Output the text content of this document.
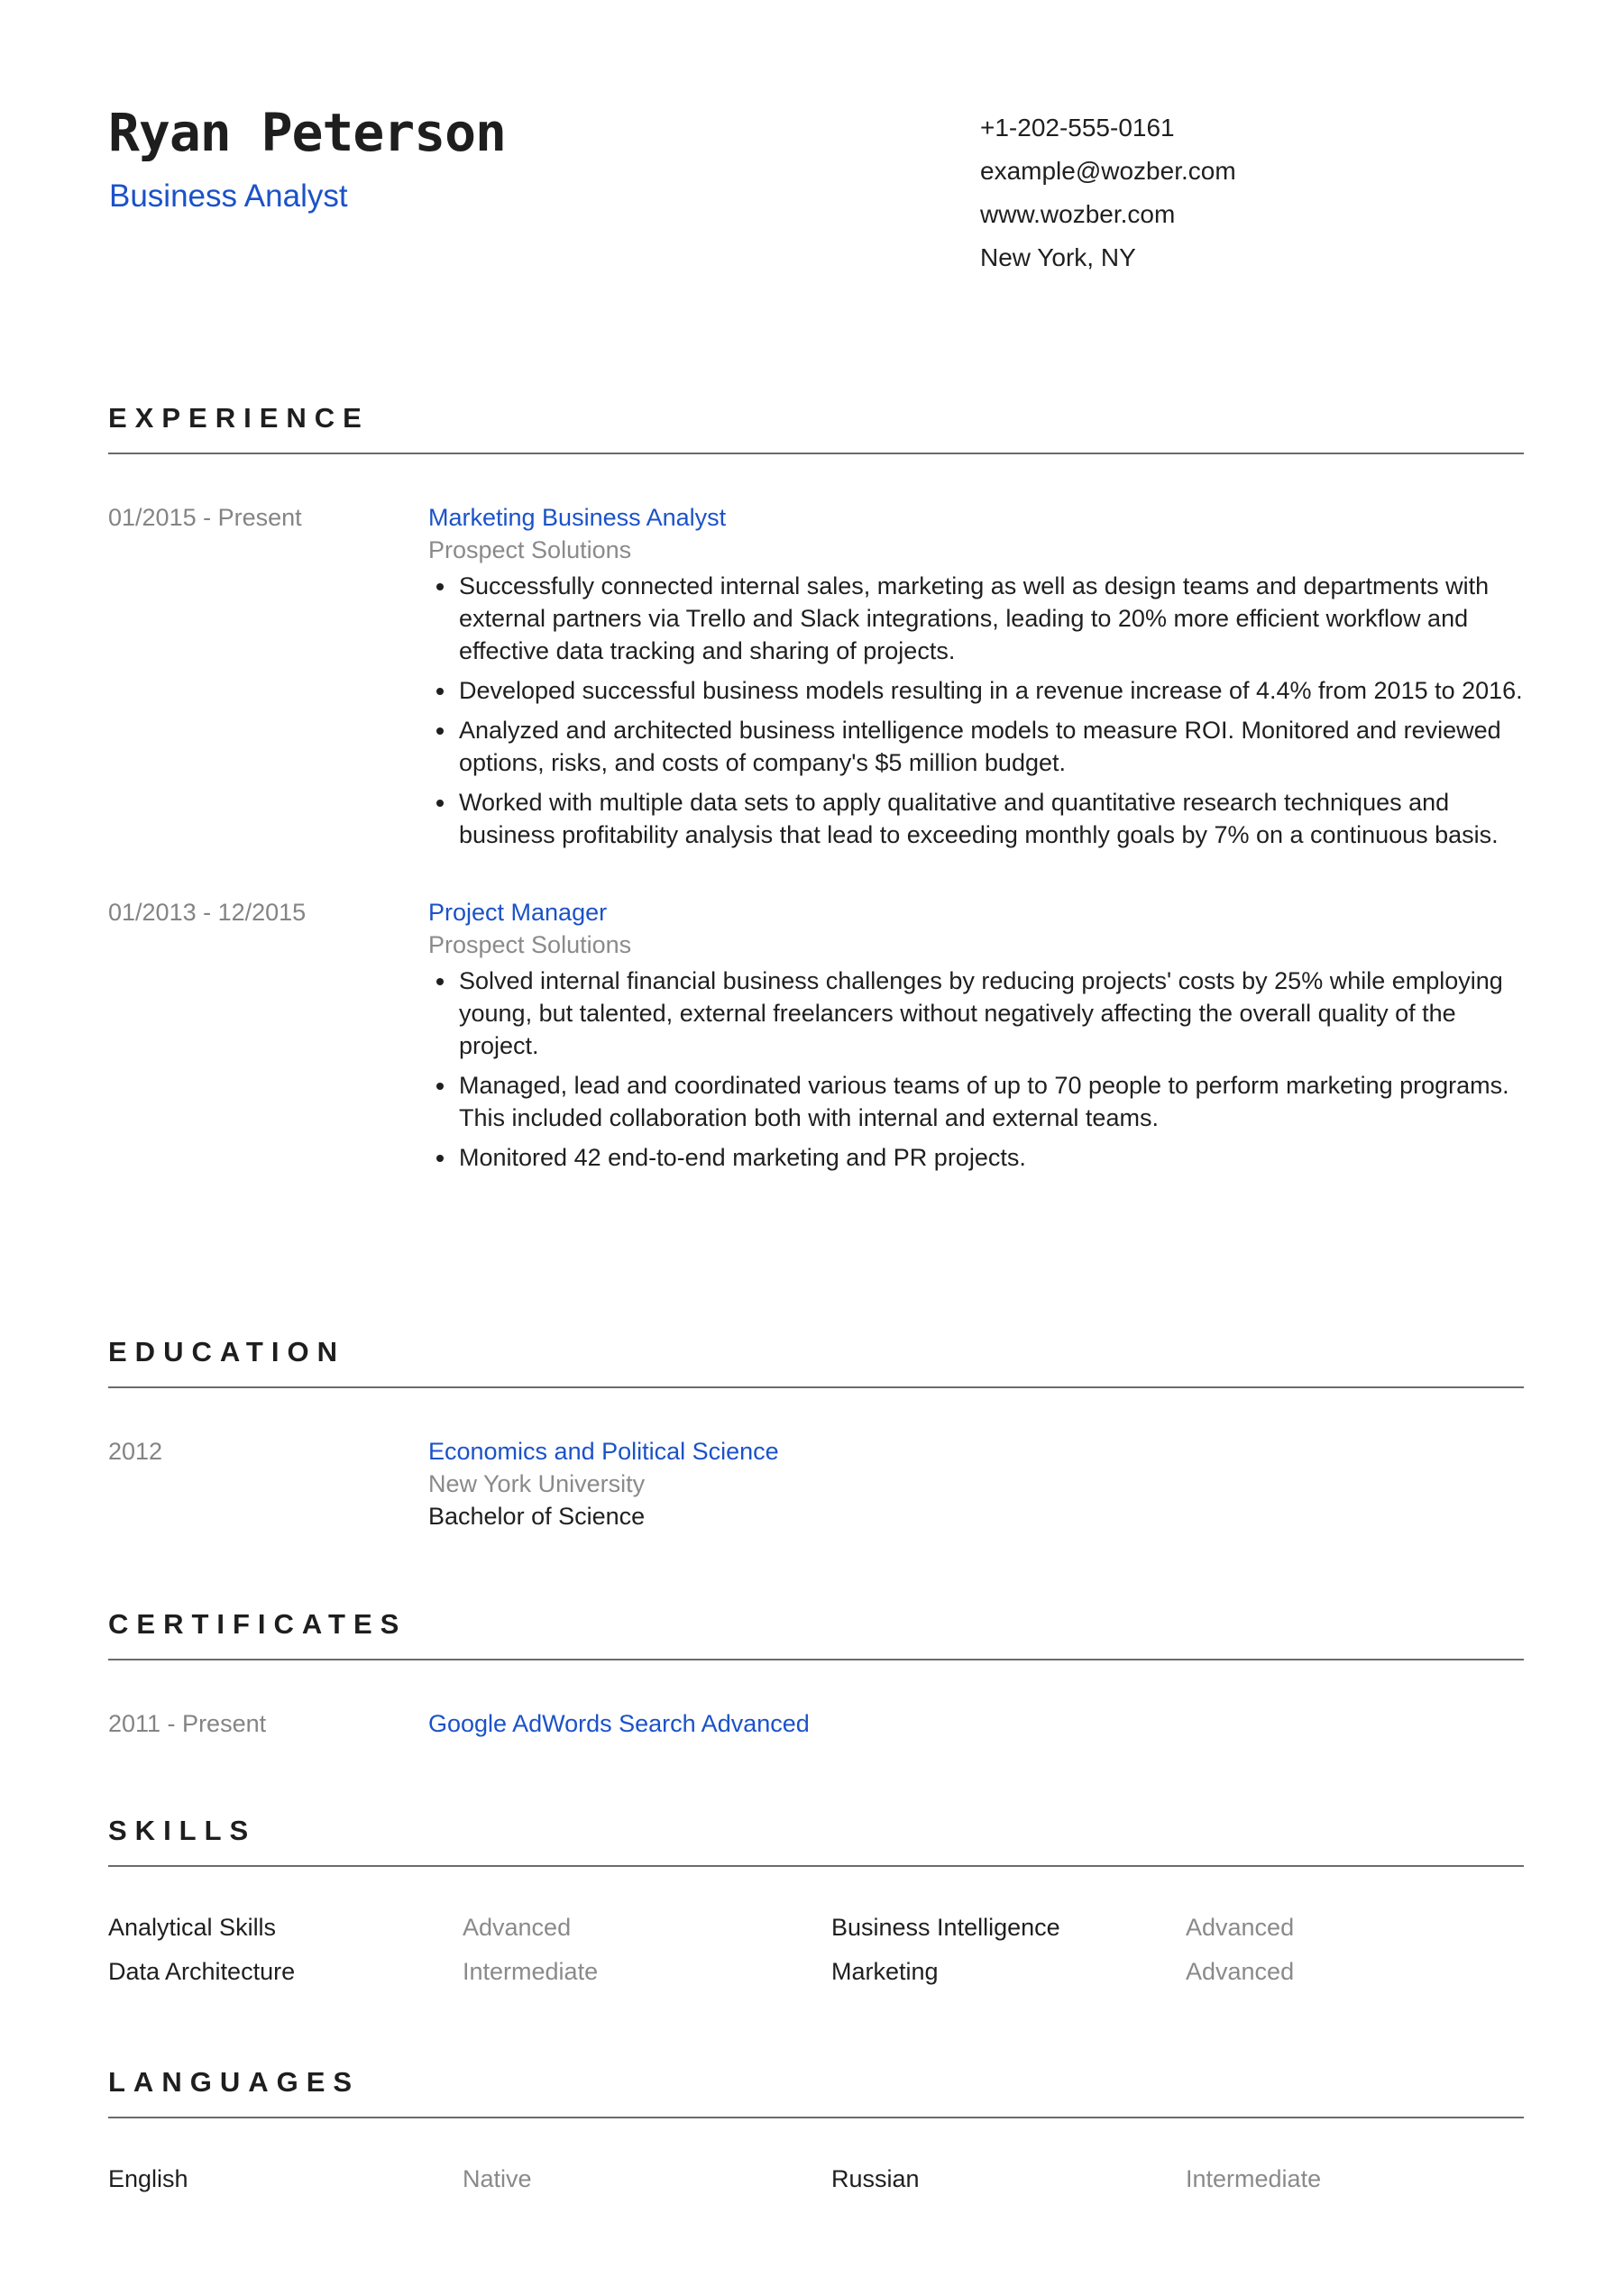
Ryan Peterson
Business Analyst
+1-202-555-0161
example@wozber.com
www.wozber.com
New York, NY
EXPERIENCE
01/2015 - Present	Marketing Business Analyst
Prospect Solutions
• Successfully connected internal sales, marketing as well as design teams and departments with external partners via Trello and Slack integrations, leading to 20% more efficient workflow and effective data tracking and sharing of projects.
• Developed successful business models resulting in a revenue increase of 4.4% from 2015 to 2016.
• Analyzed and architected business intelligence models to measure ROI. Monitored and reviewed options, risks, and costs of company's $5 million budget.
• Worked with multiple data sets to apply qualitative and quantitative research techniques and business profitability analysis that lead to exceeding monthly goals by 7% on a continuous basis.
01/2013 - 12/2015	Project Manager
Prospect Solutions
• Solved internal financial business challenges by reducing projects' costs by 25% while employing young, but talented, external freelancers without negatively affecting the overall quality of the project.
• Managed, lead and coordinated various teams of up to 70 people to perform marketing programs. This included collaboration both with internal and external teams.
• Monitored 42 end-to-end marketing and PR projects.
EDUCATION
2012	Economics and Political Science
New York University
Bachelor of Science
CERTIFICATES
2011 - Present	Google AdWords Search Advanced
SKILLS
Analytical Skills	Advanced	Business Intelligence	Advanced
Data Architecture	Intermediate	Marketing	Advanced
LANGUAGES
English	Native	Russian	Intermediate
